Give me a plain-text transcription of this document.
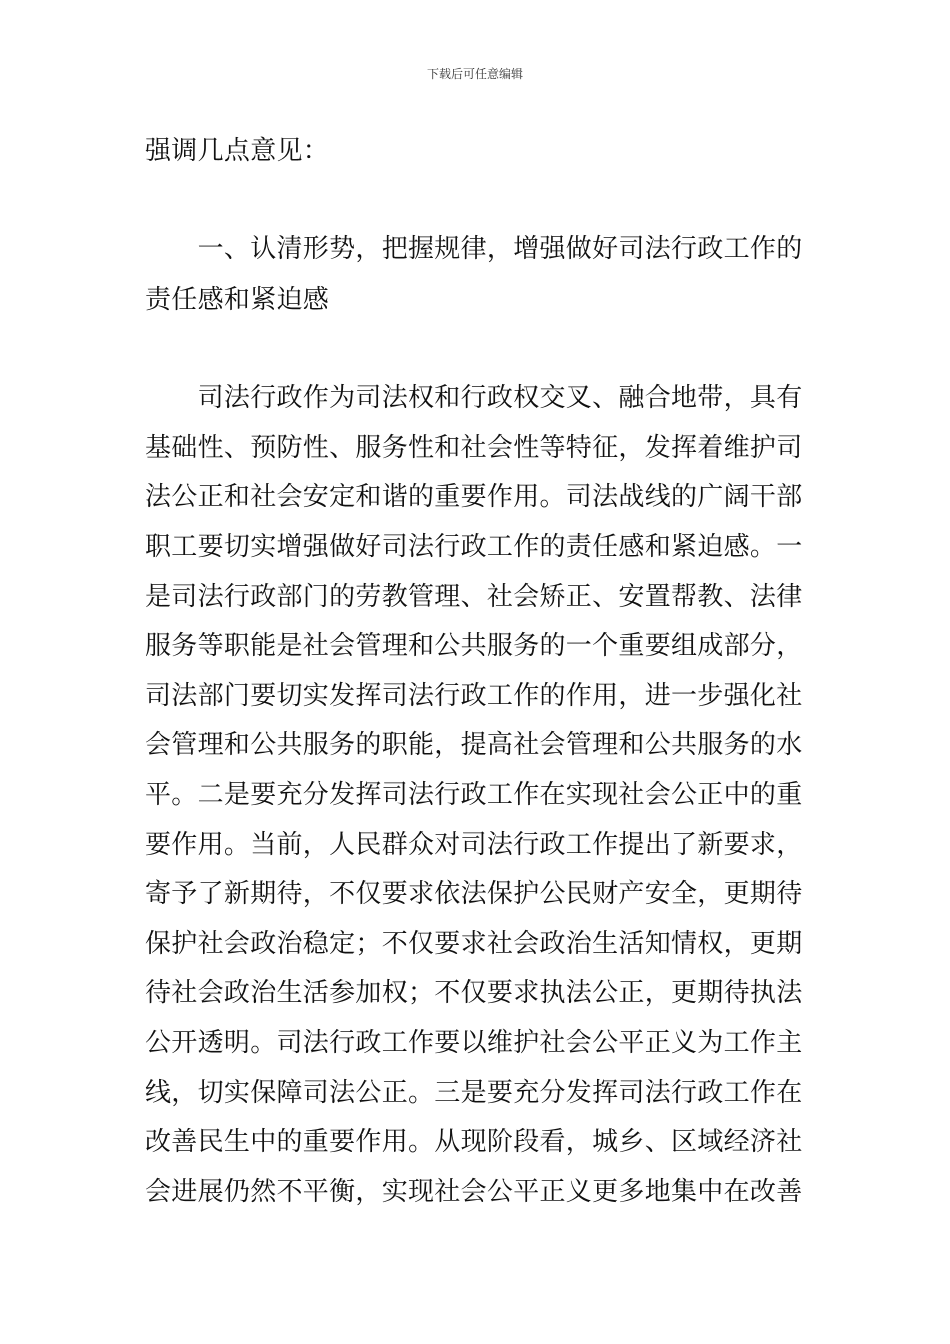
下载后可任意编辑
强调几点意见：
　　一、认清形势，把握规律，增强做好司法行政工作的
责任感和紧迫感
　　司法行政作为司法权和行政权交叉、融合地带，具有
基础性、预防性、服务性和社会性等特征，发挥着维护司
法公正和社会安定和谐的重要作用。司法战线的广阔干部
职工要切实增强做好司法行政工作的责任感和紧迫感。一
是司法行政部门的劳教管理、社会矫正、安置帮教、法律
服务等职能是社会管理和公共服务的一个重要组成部分，
司法部门要切实发挥司法行政工作的作用，进一步强化社
会管理和公共服务的职能，提高社会管理和公共服务的水
平。二是要充分发挥司法行政工作在实现社会公正中的重
要作用。当前，人民群众对司法行政工作提出了新要求，
寄予了新期待，不仅要求依法保护公民财产安全，更期待
保护社会政治稳定；不仅要求社会政治生活知情权，更期
待社会政治生活参加权；不仅要求执法公正，更期待执法
公开透明。司法行政工作要以维护社会公平正义为工作主
线，切实保障司法公正。三是要充分发挥司法行政工作在
改善民生中的重要作用。从现阶段看，城乡、区域经济社
会进展仍然不平衡，实现社会公平正义更多地集中在改善
